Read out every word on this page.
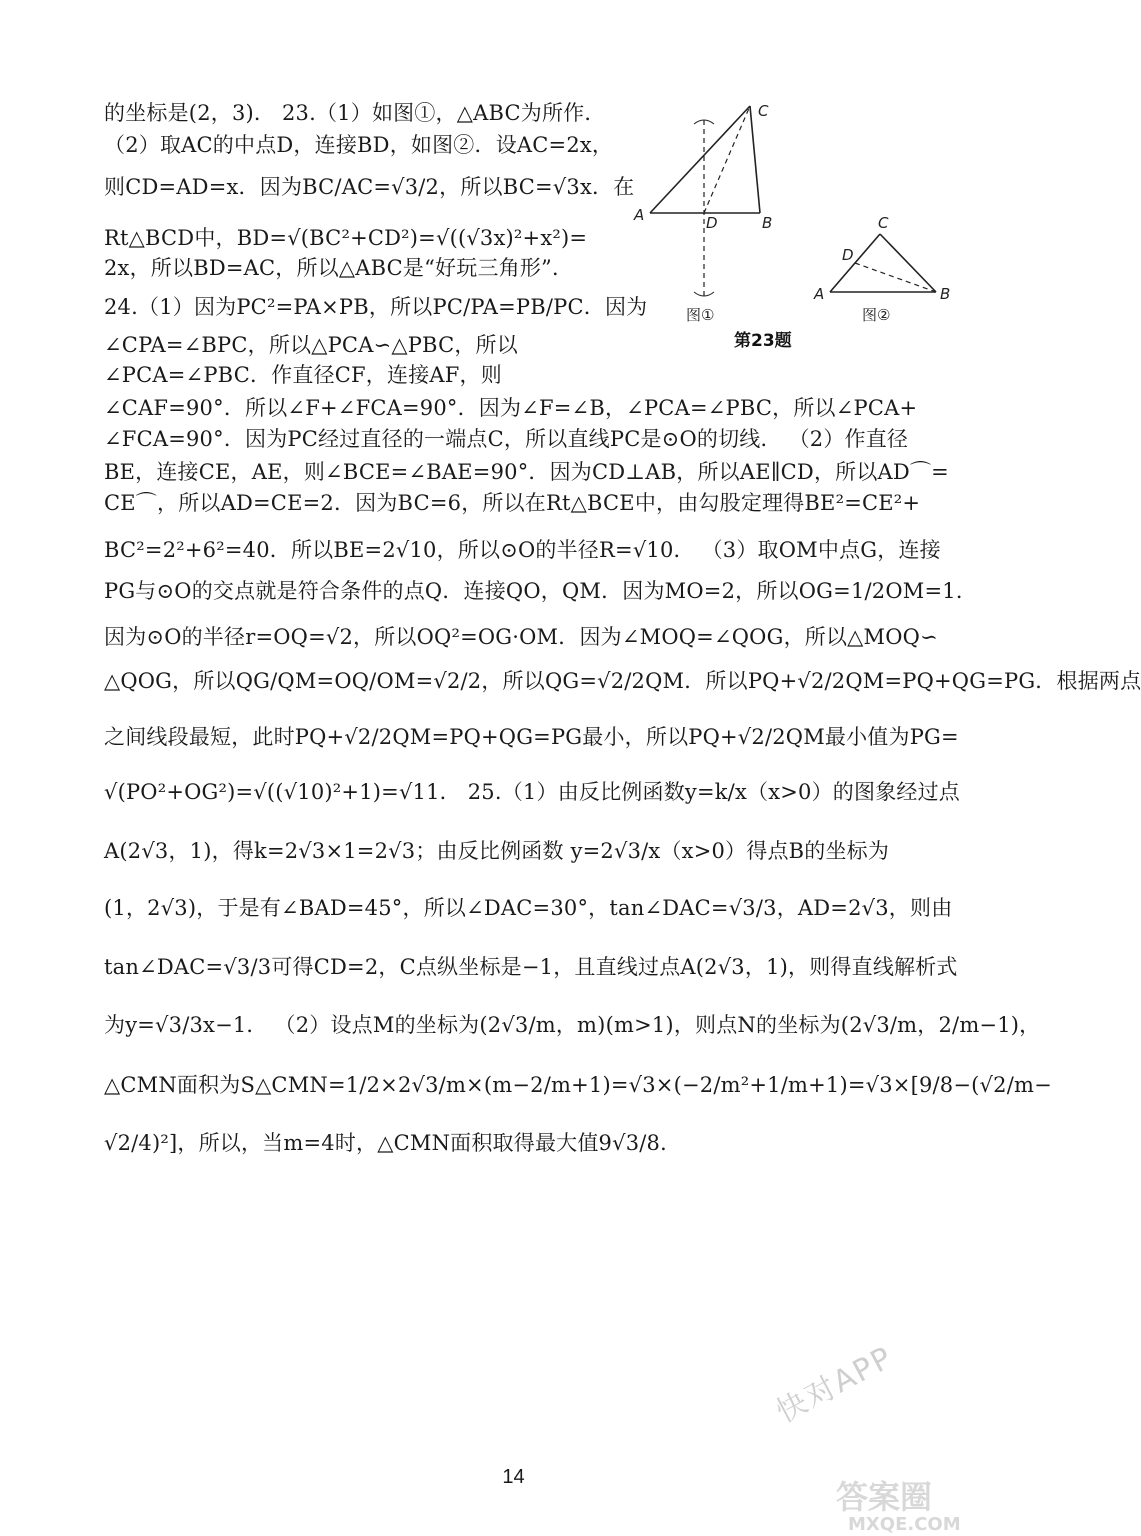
的坐标是(2，3)． 23.（1）如图①，△ABC为所作．
（2）取AC的中点D，连接BD，如图②．设AC=2x，
则CD=AD=x．因为BC/AC=√3/2，所以BC=√3x．在
Rt△BCD中，BD=√(BC²+CD²)=√((√3x)²+x²)=
2x，所以BD=AC，所以△ABC是“好玩三角形”．
24.（1）因为PC²=PA×PB，所以PC/PA=PB/PC．因为
∠CPA=∠BPC，所以△PCA∽△PBC，所以
∠PCA=∠PBC．作直径CF，连接AF，则
∠CAF=90°．所以∠F+∠FCA=90°．因为∠F=∠B，∠PCA=∠PBC，所以∠PCA+
∠FCA=90°．因为PC经过直径的一端点C，所以直线PC是⊙O的切线． （2）作直径
BE，连接CE，AE，则∠BCE=∠BAE=90°．因为CD⊥AB，所以AE∥CD，所以AD⌒=
CE⌒，所以AD=CE=2．因为BC=6，所以在Rt△BCE中，由勾股定理得BE²=CE²+
BC²=2²+6²=40．所以BE=2√10，所以⊙O的半径R=√10． （3）取OM中点G，连接
PG与⊙O的交点就是符合条件的点Q．连接QO，QM．因为MO=2，所以OG=1/2OM=1．
因为⊙O的半径r=OQ=√2，所以OQ²=OG·OM．因为∠MOQ=∠QOG，所以△MOQ∽
△QOG，所以QG/QM=OQ/OM=√2/2，所以QG=√2/2QM．所以PQ+√2/2QM=PQ+QG=PG．根据两点
之间线段最短，此时PQ+√2/2QM=PQ+QG=PG最小，所以PQ+√2/2QM最小值为PG=
√(PO²+OG²)=√((√10)²+1)=√11． 25.（1）由反比例函数y=k/x（x>0）的图象经过点
A(2√3，1)，得k=2√3×1=2√3；由反比例函数 y=2√3/x（x>0）得点B的坐标为
(1，2√3)，于是有∠BAD=45°，所以∠DAC=30°，tan∠DAC=√3/3，AD=2√3，则由
tan∠DAC=√3/3可得CD=2，C点纵坐标是−1，且直线过点A(2√3，1)，则得直线解析式
为y=√3/3x−1． （2）设点M的坐标为(2√3/m，m)(m>1)，则点N的坐标为(2√3/m，2/m−1)，
△CMN面积为S△CMN=1/2×2√3/m×(m−2/m+1)=√3×(−2/m²+1/m+1)=√3×[9/8−(√2/m−
√2/4)²]，所以，当m=4时，△CMN面积取得最大值9√3/8．
C
A	D	B
图①
C
A
D
B
图②
第23题
14
快对APP
答案圈
MXQE.COM
